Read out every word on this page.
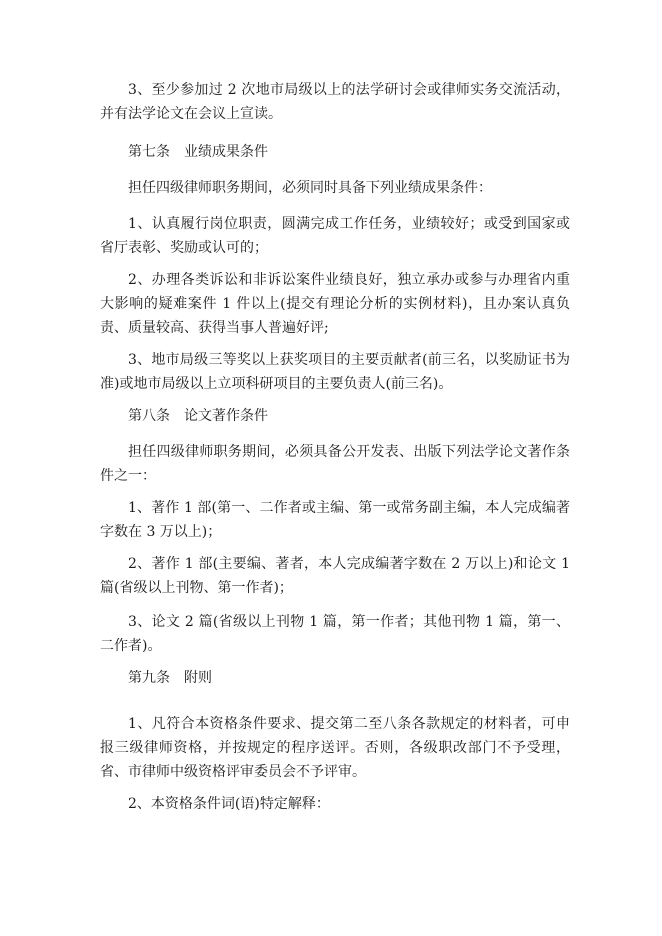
3、至少参加过 2 次地市局级以上的法学研讨会或律师实务交流活动，并有法学论文在会议上宣读。

第七条 业绩成果条件

担任四级律师职务期间，必须同时具备下列业绩成果条件：

1、认真履行岗位职责，圆满完成工作任务，业绩较好；或受到国家或省厅表彰、奖励或认可的；

2、办理各类诉讼和非诉讼案件业绩良好，独立承办或参与办理省内重大影响的疑难案件 1 件以上(提交有理论分析的实例材料)，且办案认真负责、质量较高、获得当事人普遍好评;

3、地市局级三等奖以上获奖项目的主要贡献者(前三名，以奖励证书为准)或地市局级以上立项科研项目的主要负责人(前三名)。

第八条 论文著作条件

担任四级律师职务期间，必须具备公开发表、出版下列法学论文著作条件之一：

1、著作 1 部(第一、二作者或主编、第一或常务副主编，本人完成编著字数在 3 万以上)；

2、著作 1 部(主要编、著者，本人完成编著字数在 2 万以上)和论文 1 篇(省级以上刊物、第一作者)；

3、论文 2 篇(省级以上刊物 1 篇，第一作者；其他刊物 1 篇，第一、二作者)。

第九条 附则

1、凡符合本资格条件要求、提交第二至八条各款规定的材料者，可申报三级律师资格，并按规定的程序送评。否则，各级职改部门不予受理，省、市律师中级资格评审委员会不予评审。

2、本资格条件词(语)特定解释：
